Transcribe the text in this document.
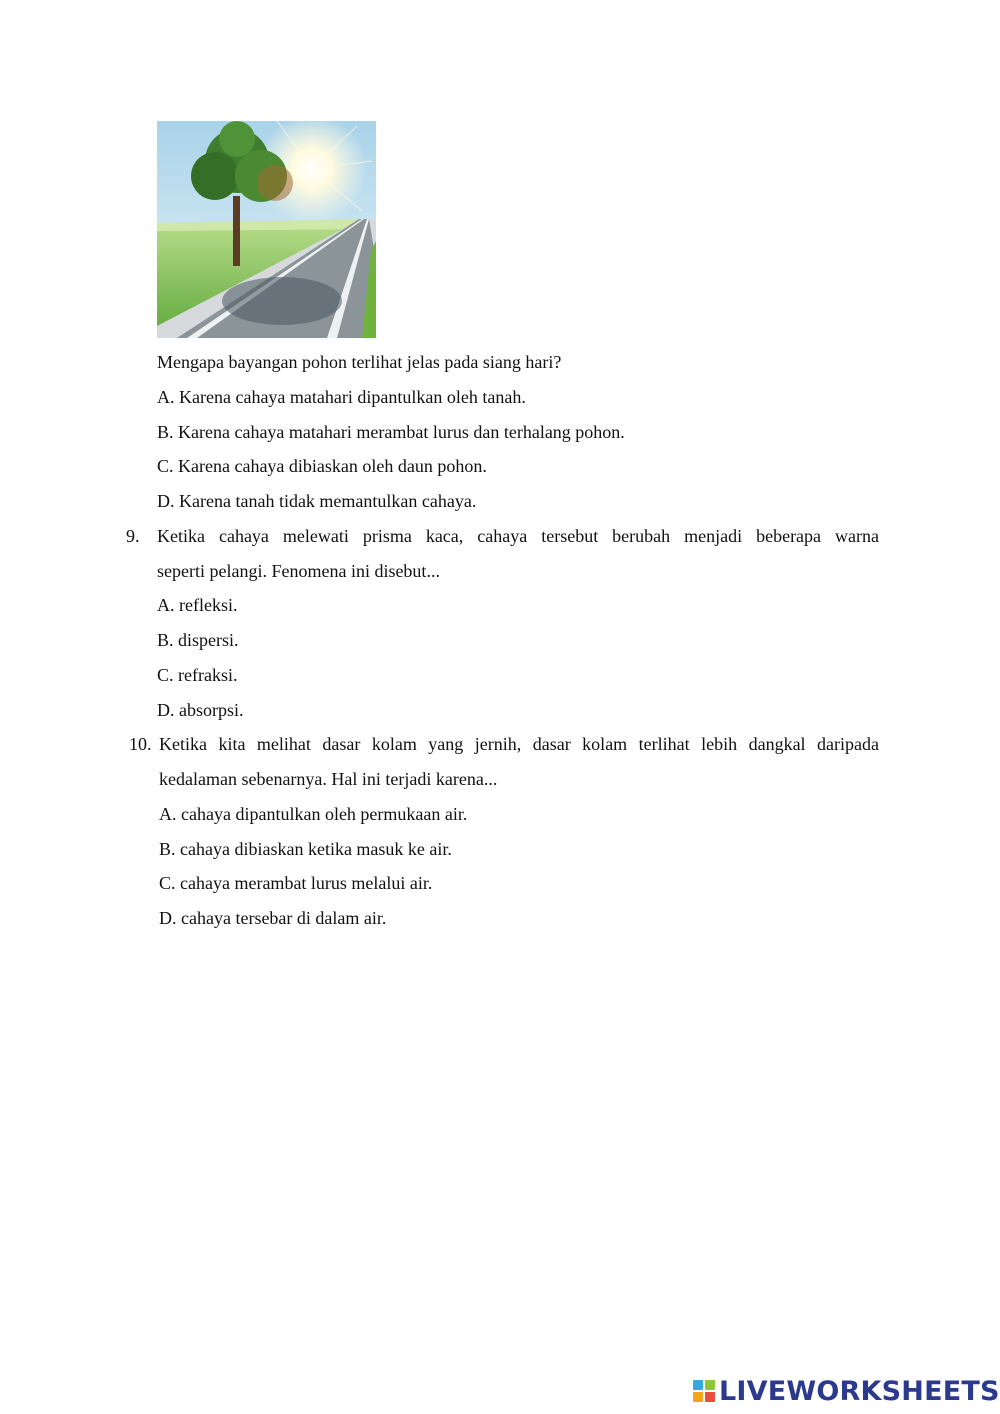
Mengapa bayangan pohon terlihat jelas pada siang hari?
A. Karena cahaya matahari dipantulkan oleh tanah.
B. Karena cahaya matahari merambat lurus dan terhalang pohon.
C. Karena cahaya dibiaskan oleh daun pohon.
D. Karena tanah tidak memantulkan cahaya.
9. Ketika cahaya melewati prisma kaca, cahaya tersebut berubah menjadi beberapa warna
seperti pelangi. Fenomena ini disebut...
A. refleksi.
B. dispersi.
C. refraksi.
D. absorpsi.
10. Ketika kita melihat dasar kolam yang jernih, dasar kolam terlihat lebih dangkal daripada
kedalaman sebenarnya. Hal ini terjadi karena...
A. cahaya dipantulkan oleh permukaan air.
B. cahaya dibiaskan ketika masuk ke air.
C. cahaya merambat lurus melalui air.
D. cahaya tersebar di dalam air.
LIVEWORKSHEETS
